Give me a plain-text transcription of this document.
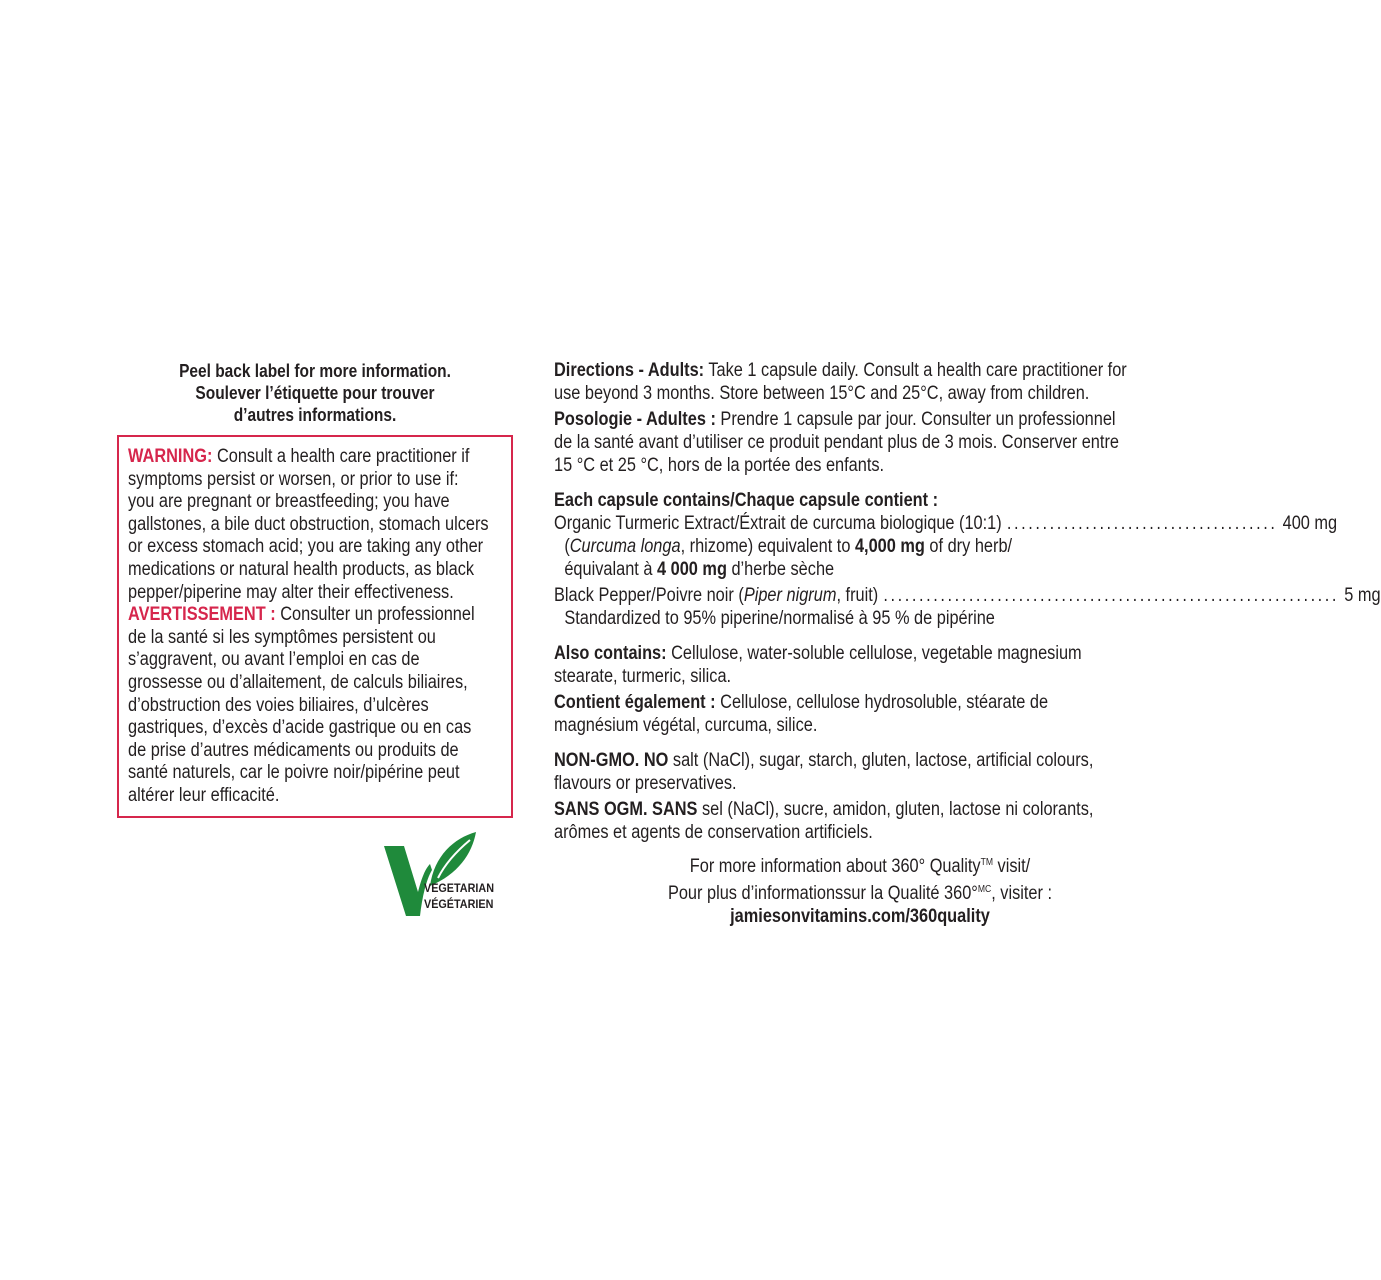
Peel back label for more information.
Soulever l’étiquette pour trouver
d’autres informations.
WARNING: Consult a health care practitioner if
symptoms persist or worsen, or prior to use if:
you are pregnant or breastfeeding; you have
gallstones, a bile duct obstruction, stomach ulcers
or excess stomach acid; you are taking any other
medications or natural health products, as black
pepper/piperine may alter their effectiveness.
AVERTISSEMENT : Consulter un professionnel
de la santé si les symptômes persistent ou
s’aggravent, ou avant l’emploi en cas de
grossesse ou d’allaitement, de calculs biliaires,
d’obstruction des voies biliaires, d’ulcères
gastriques, d’excès d’acide gastrique ou en cas
de prise d’autres médicaments ou produits de
santé naturels, car le poivre noir/pipérine peut
altérer leur efficacité.
VEGETARIAN
VÉGÉTARIEN
Directions - Adults: Take 1 capsule daily. Consult a health care practitioner for
use beyond 3 months. Store between 15°C and 25°C, away from children.
Posologie - Adultes : Prendre 1 capsule par jour. Consulter un professionnel
de la santé avant d’utiliser ce produit pendant plus de 3 mois. Conserver entre
15 °C et 25 °C, hors de la portée des enfants.
Each capsule contains/Chaque capsule contient :
Organic Turmeric Extract/Éxtrait de curcuma biologique (10:1) ...................................... 400 mg
(Curcuma longa, rhizome) equivalent to 4,000 mg of dry herb/
équivalant à 4 000 mg d’herbe sèche
Black Pepper/Poivre noir (Piper nigrum, fruit) ................................................................ 5 mg
Standardized to 95% piperine/normalisé à 95 % de pipérine
Also contains: Cellulose, water-soluble cellulose, vegetable magnesium
stearate, turmeric, silica.
Contient également : Cellulose, cellulose hydrosoluble, stéarate de
magnésium végétal, curcuma, silice.
NON-GMO. NO salt (NaCl), sugar, starch, gluten, lactose, artificial colours,
flavours or preservatives.
SANS OGM. SANS sel (NaCl), sucre, amidon, gluten, lactose ni colorants,
arômes et agents de conservation artificiels.
For more information about 360° Quality™ visit/
Pour plus d’informationssur la Qualité 360°$^{MC}$, visiter :
jamiesonvitamins.com/360quality
